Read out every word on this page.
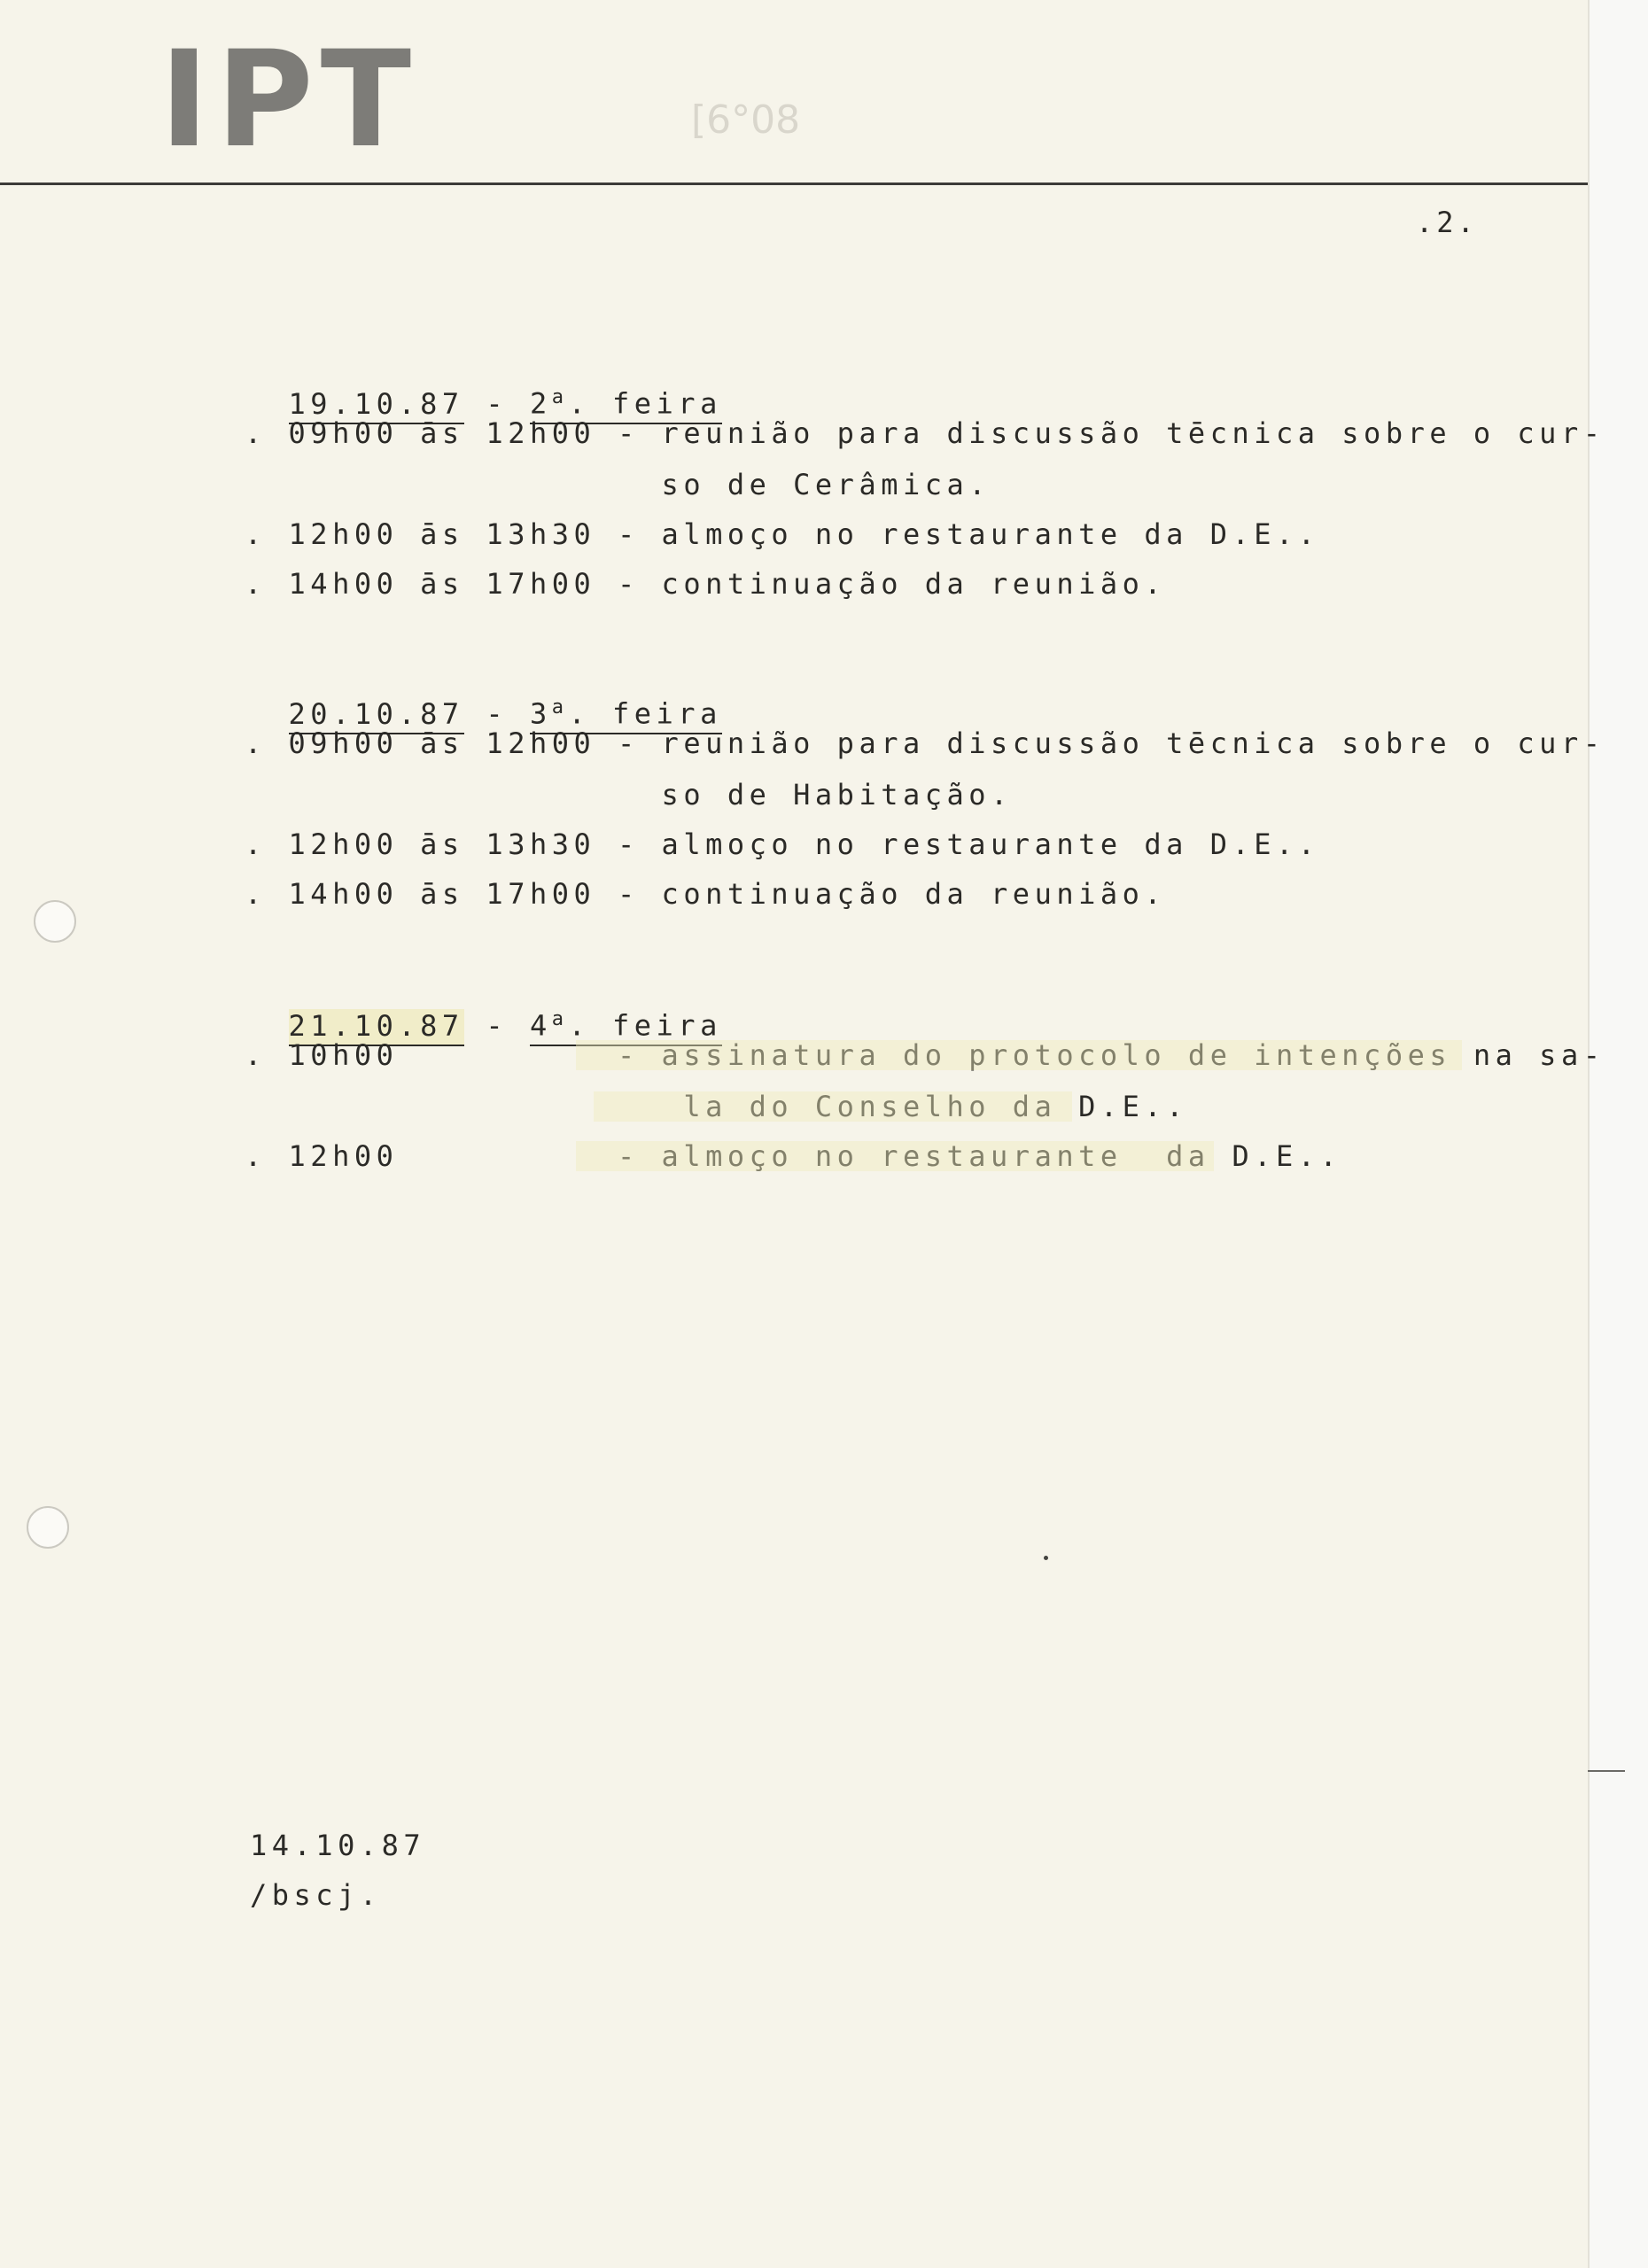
IPT	[6°08
.2.

19.10.87 - 2$^a$. feira

. 09h00 ās 12h00 - reunião para discussão tēcnica sobre o cur-
so de Cerâmica.
. 12h00 ās 13h30 - almoço no restaurante da D.E..
. 14h00 ās 17h00 - continuação da reunião.

20.10.87 - 3$^a$. feira

. 09h00 ās 12h00 - reunião para discussão tēcnica sobre o cur-
so de Habitação.
. 12h00 ās 13h30 - almoço no restaurante da D.E..
. 14h00 ās 17h00 - continuação da reunião.

21.10.87 - 4$^a$. feira

. 10h00          - assinatura do protocolo de intenções na sa-
la do Conselho da D.E..
. 12h00          - almoço no restaurante  da D.E..
14.10.87
/bscj.
